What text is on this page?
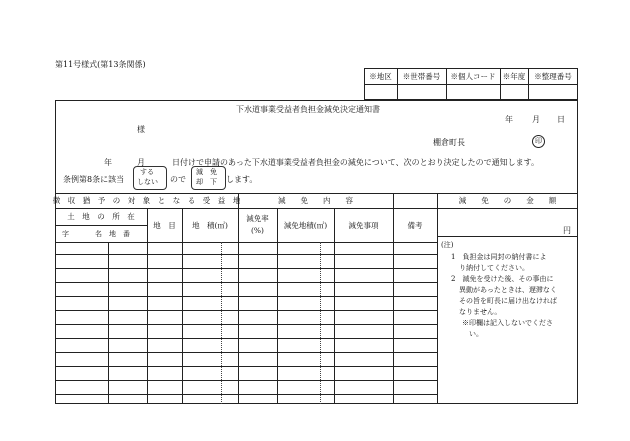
第11号様式(第13条関係)
※地区	※世帯番号	※個人コード ※年度	※整理番号
下水道事業受益者負担金減免決定通知書
年 月 日
様
棚倉町長	印
年	月	日付けで申請のあった下水道事業受益者負担金の減免について、次のとおり決定したので通知します。
条例第8条に該当
する
しない ので
減　免
却　下 します。
徴　収　猶　予　の　対　象　と　な　る　受　益　地	減　　免　　内　　容	減　　免　　の　　金　　額
土　地　の　所　在
字	名　地　番
地　目	地　積(㎡)
減免率
(%)
減免地積(㎡)	減免事項	備考
円
(注)
1　負担金は同封の納付書によ
り納付してください。
2　減免を受けた後、その事由に
異動があったときは、遅滞なく
その旨を町長に届け出なければ
なりません。
※印欄は記入しないでくださ
い。
